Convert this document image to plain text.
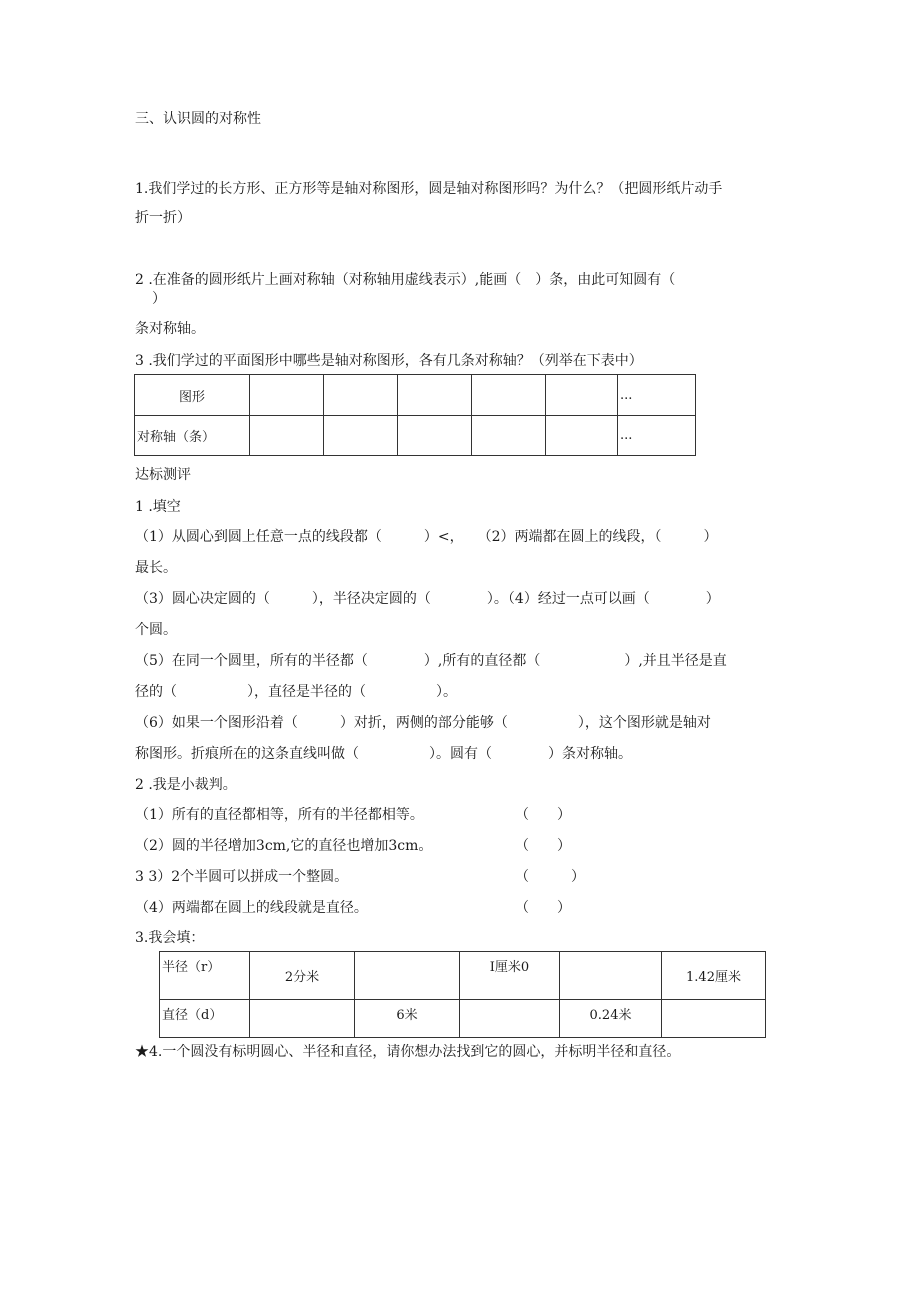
三、认识圆的对称性
1.我们学过的长方形、正方形等是轴对称图形，圆是轴对称图形吗？为什么？（把圆形纸片动手
折一折）
2 .在准备的圆形纸片上画对称轴（对称轴用虚线表示）,能画（　）条，由此可知圆有（
）
条对称轴。
3 .我们学过的平面图形中哪些是轴对称图形，各有几条对称轴？（列举在下表中）
图形						...
对称轴（条）						...
达标测评
1 .填空
（1）从圆心到圆上任意一点的线段都（　　　）<，　　（2）两端都在圆上的线段，（　　　）
最长。
（3）圆心决定圆的（　　　），半径决定圆的（　　　　）。（4）经过一点可以画（　　　　）
个圆。
（5）在同一个圆里，所有的半径都（　　　　）,所有的直径都（　　　　　　）,并且半径是直
径的（　　　　　），直径是半径的（　　　　　）。
（6）如果一个图形沿着（　　　）对折，两侧的部分能够（　　　　　），这个图形就是轴对
称图形。折痕所在的这条直线叫做（　　　　　）。圆有（　　　　）条对称轴。
2 .我是小裁判。
（1）所有的直径都相等，所有的半径都相等。	（　　）
（2）圆的半径增加3cm,它的直径也增加3cm。	（　　）
3 3）2个半圆可以拼成一个整圆。	（　　　）
（4）两端都在圆上的线段就是直径。	（　　）
3.我会填：
半径（r）	2分米		I厘米0		1.42厘米
直径（d）		6米		0.24米	
★4.一个圆没有标明圆心、半径和直径，请你想办法找到它的圆心，并标明半径和直径。
